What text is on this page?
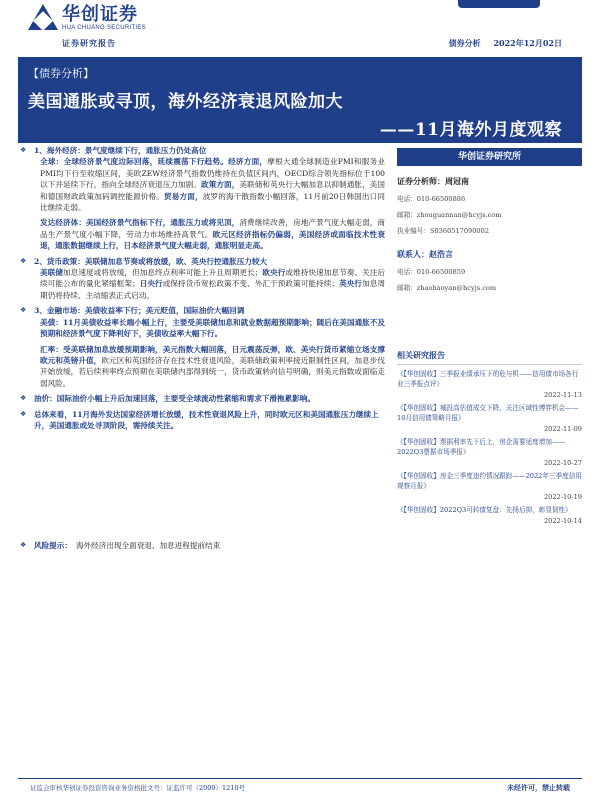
华创证券
HUA CHUANG SECURITIES
证券研究报告	债券分析 2022年12月02日
【债券分析】
美国通胀或寻顶，海外经济衰退风险加大
——11月海外月度观察
❖	1、海外经济：景气度继续下行，通胀压力仍处高位
全球：全球经济景气度边际回落，延续震荡下行趋势。经济方面，摩根大通全球制造业PMI和服务业PMI均下行至收缩区间，美欧ZEW经济景气指数仍维持在负值区间内，OECD综合领先指标位于100以下并延续下行，指向全球经济衰退压力加剧。政策方面，美联储和英央行大幅加息以抑制通胀，美国和德国财政政策加码调控能源价格。贸易方面，波罗的海干散指数小幅回落，11月前20日韩国出口同比继续走弱。
发达经济体：美国经济景气指标下行，通胀压力或将见顶，消费继续改善，房地产景气度大幅走弱，商品生产景气度小幅下降，劳动力市场维持高景气。欧元区经济指标仍偏弱，美国经济或面临技术性衰退，通胀数据继续上行，日本经济景气度大幅走弱，通胀明显走高。
❖	2、货币政策：美联储加息节奏或将放缓，欧、英央行控通胀压力较大
美联储加息速度或将放缓，但加息终点利率可能上升且周期更长；欧央行或维持快速加息节奏、关注后续可能公布的量化紧缩框架；日央行或保持货币宽松政策不变、外汇干预政策可能持续；英央行加息周期仍将持续、主动缩表正式启动。
❖	3、金融市场：美债收益率下行；美元贬值，国际油价大幅回调
美债：11月美债收益率长端小幅上行，主要受美联储加息和就业数据超预期影响；随后在美国通胀不及预期和经济景气度下降利好下，美债收益率大幅下行。
汇率：受美联储加息放缓预期影响，美元指数大幅回落，日元震荡反弹，欧、美央行货币紧缩立场支撑欧元和英镑升值，欧元区和英国经济存在技术性衰退风险，美联储政策利率接近限制性区间，加息步伐开始放缓，若后续利率终点预期在美联储内部得到统一，货币政策转向信号明确，则美元指数或面临走弱风险。
❖	油价：国际油价小幅上升后加速回落，主要受全球流动性紧缩和需求下滑拖累影响。
❖	总体来看，11月海外发达国家经济增长放缓，技术性衰退风险上升，同时欧元区和美国通胀压力继续上升，美国通胀或处寻顶阶段，需持续关注。
❖	风险提示： 海外经济出现全面衰退、加息进程提前结束
华创证券研究所
证券分析师：周冠南
电话：010-66500886
邮箱：zhouguannan@hcyjs.com
执业编号：S0360517090002
联系人：赵浩言
电话：010-66500859
邮箱：zhaohaoyan@hcyjs.com
相关研究报告
《【华创固收】三季报业绩承压下的危与机——信用债市场各行业三季报点评》
2022-11-13
《【华创固收】城投高估值成交下降，关注区域性博弈机会——10月信用债策略月报》
2022-11-09
《【华创固收】票据利率先下后上，房企需要适度增加——2022Q3票据市场季报》
2022-10-27
《【华创固收】房企三季度违约情况跟踪——2022年三季度信用观察月报》
2022-10-19
《【华创固收】2022Q3可转债复盘：先扬后抑，彰显韧性》
2022-10-14
证监会审核华创证券投资咨询业务资格批文号：证监许可（2009）1210号	未经许可，禁止转载
